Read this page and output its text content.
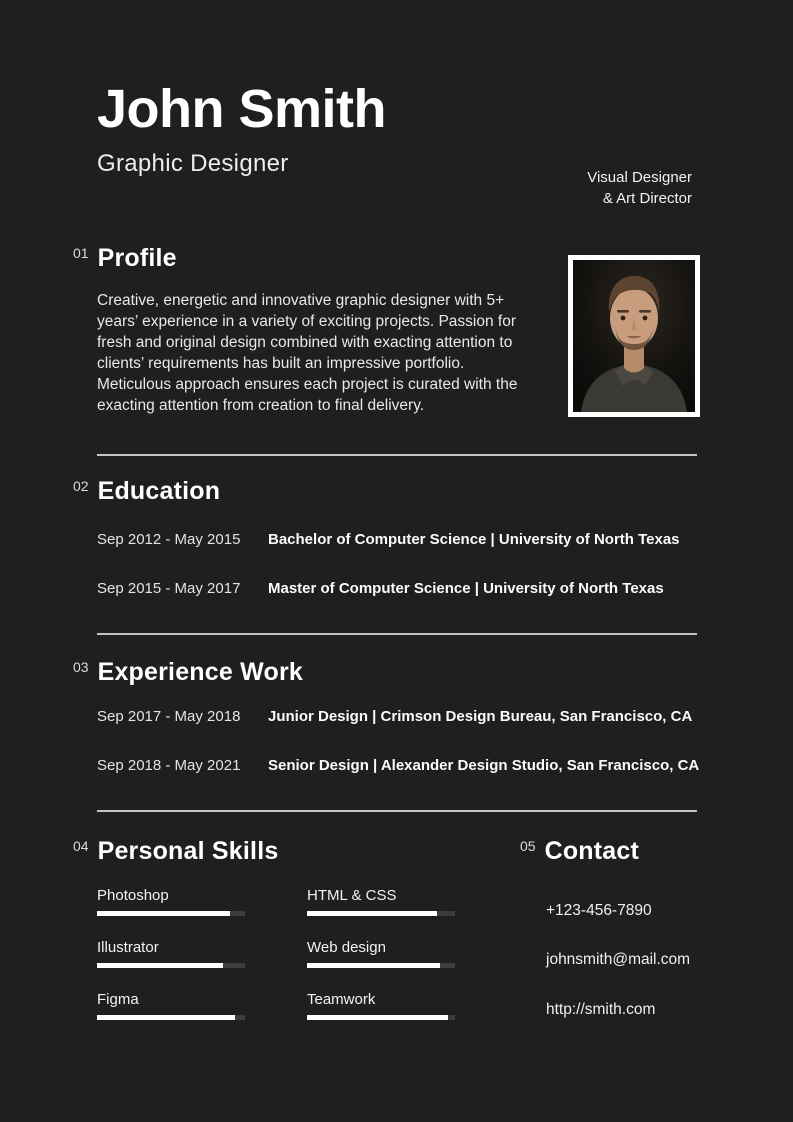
John Smith
Graphic Designer
Visual Designer
& Art Director
01 Profile

Creative, energetic and innovative graphic designer with 5+ years’ experience in a variety of exciting projects. Passion for fresh and original design combined with exacting attention to clients’ requirements has built an impressive portfolio. Meticulous approach ensures each project is curated with the exacting attention from creation to final delivery.

02 Education
Sep 2012 - May 2015	Bachelor of Computer Science | University of North Texas
Sep 2015 - May 2017	Master of Computer Science | University of North Texas
03 Experience Work
Sep 2017 - May 2018	Junior Design | Crimson Design Bureau, San Francisco, CA
Sep 2018 - May 2021	Senior Design | Alexander Design Studio, San Francisco, CA
04 Personal Skills
Photoshop	HTML & CSS
Illustrator	Web design
Figma	Teamwork
05 Contact
+123-456-7890
johnsmith@mail.com
http://smith.com
